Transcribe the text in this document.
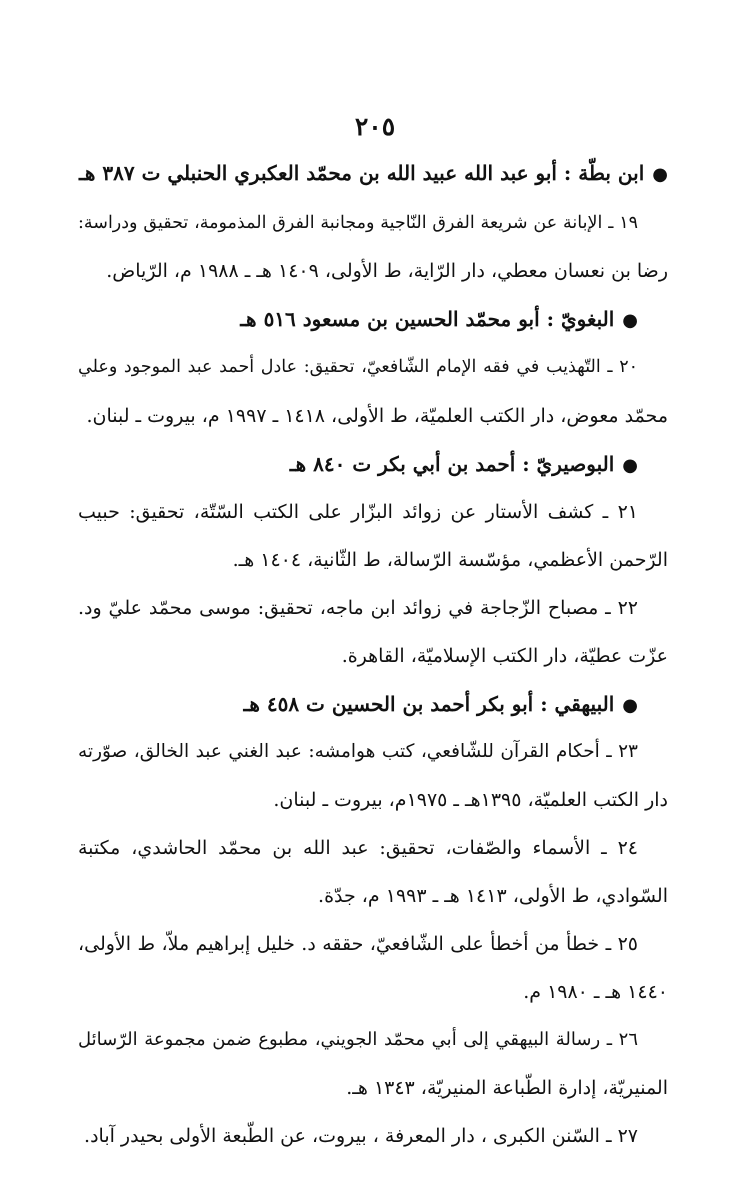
٢٠٥
●ابن بطّة : أبو عبد الله عبيد الله بن محمّد العكبري الحنبلي ت ٣٨٧ هـ
١٩ ـ الإبانة عن شريعة الفرق النّاجية ومجانبة الفرق المذمومة، تحقيق ودراسة:
رضا بن نعسان معطي، دار الرّاية، ط الأولى، ١٤٠٩ هـ ـ ١٩٨٨ م، الرّياض.
●البغويّ : أبو محمّد الحسين بن مسعود ٥١٦ هـ
٢٠ ـ التّهذيب في فقه الإمام الشّافعيّ، تحقيق: عادل أحمد عبد الموجود وعلي
محمّد معوض، دار الكتب العلميّة، ط الأولى، ١٤١٨ ـ ١٩٩٧ م، بيروت ـ لبنان.
●البوصيريّ : أحمد بن أبي بكر ت ٨٤٠ هـ
٢١ ـ كشف الأستار عن زوائد البزّار على الكتب السّتّة، تحقيق: حبيب
الرّحمن الأعظمي، مؤسّسة الرّسالة، ط الثّانية، ١٤٠٤ هـ.
٢٢ ـ مصباح الزّجاجة في زوائد ابن ماجه، تحقيق: موسى محمّد عليّ ود.
عزّت عطيّة، دار الكتب الإسلاميّة، القاهرة.
●البيهقي : أبو بكر أحمد بن الحسين ت ٤٥٨ هـ
٢٣ ـ أحكام القرآن للشّافعي، كتب هوامشه: عبد الغني عبد الخالق، صوّرته
دار الكتب العلميّة، ١٣٩٥هـ ـ ١٩٧٥م، بيروت ـ لبنان.
٢٤ ـ الأسماء والصّفات، تحقيق: عبد الله بن محمّد الحاشدي، مكتبة
السّوادي، ط الأولى، ١٤١٣ هـ ـ ١٩٩٣ م، جدّة.
٢٥ ـ خطأ من أخطأ على الشّافعيّ، حققه د. خليل إبراهيم ملاّ، ط الأولى،
١٤٤٠ هـ ـ ١٩٨٠ م.
٢٦ ـ رسالة البيهقي إلى أبي محمّد الجويني، مطبوع ضمن مجموعة الرّسائل
المنيريّة، إدارة الطّباعة المنيريّة، ١٣٤٣ هـ.
٢٧ ـ السّنن الكبرى ، دار المعرفة ، بيروت، عن الطّبعة الأولى بحيدر آباد.
